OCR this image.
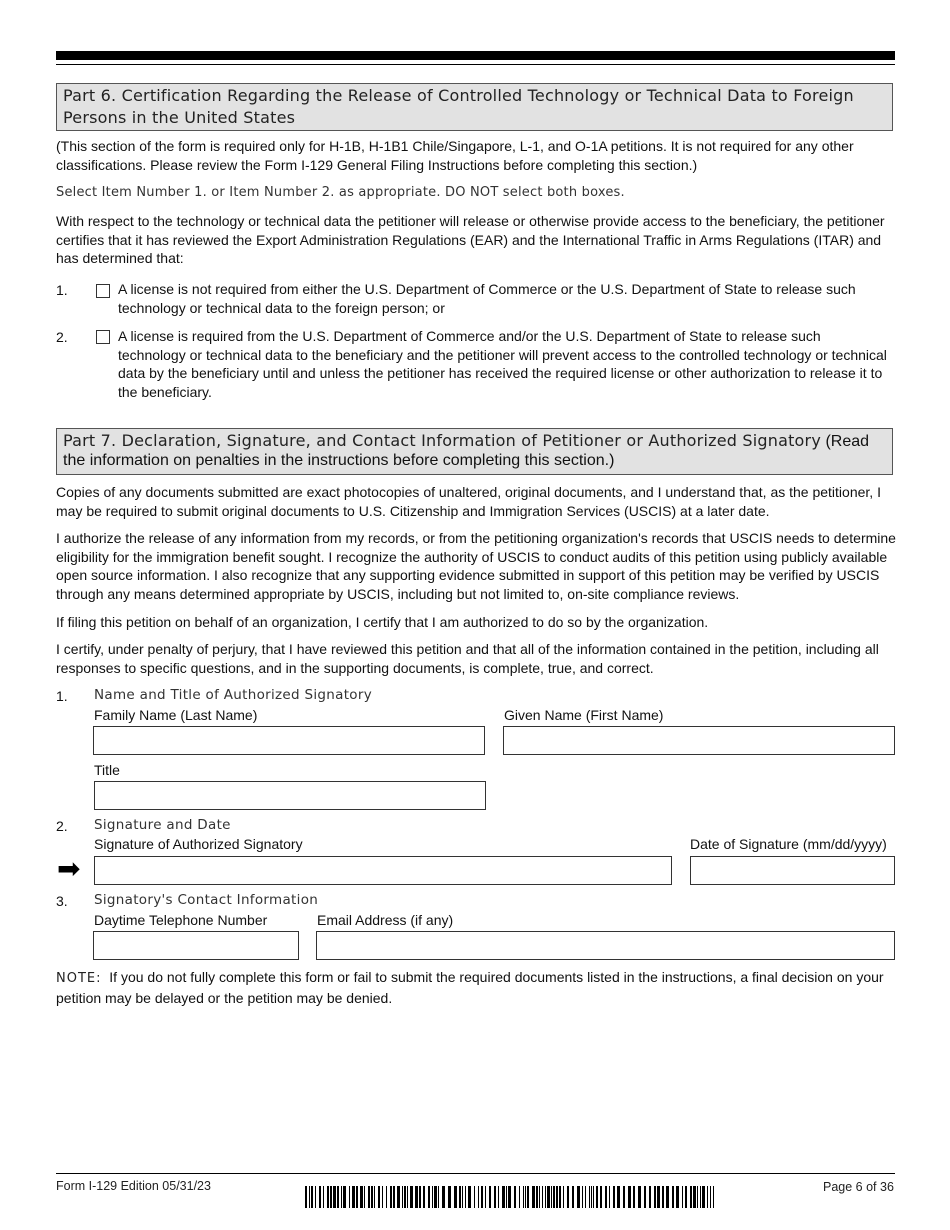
Part 6. Certification Regarding the Release of Controlled Technology or Technical Data to Foreign Persons in the United States
(This section of the form is required only for H-1B, H-1B1 Chile/Singapore, L-1, and O-1A petitions. It is not required for any other classifications. Please review the Form I-129 General Filing Instructions before completing this section.)
Select Item Number 1. or Item Number 2. as appropriate. DO NOT select both boxes.
With respect to the technology or technical data the petitioner will release or otherwise provide access to the beneficiary, the petitioner certifies that it has reviewed the Export Administration Regulations (EAR) and the International Traffic in Arms Regulations (ITAR) and has determined that:
1.	A license is not required from either the U.S. Department of Commerce or the U.S. Department of State to release such technology or technical data to the foreign person; or
2.	A license is required from the U.S. Department of Commerce and/or the U.S. Department of State to release such technology or technical data to the beneficiary and the petitioner will prevent access to the controlled technology or technical data by the beneficiary until and unless the petitioner has received the required license or other authorization to release it to the beneficiary.
Part 7. Declaration, Signature, and Contact Information of Petitioner or Authorized Signatory (Read the information on penalties in the instructions before completing this section.)
Copies of any documents submitted are exact photocopies of unaltered, original documents, and I understand that, as the petitioner, I may be required to submit original documents to U.S. Citizenship and Immigration Services (USCIS) at a later date.
I authorize the release of any information from my records, or from the petitioning organization's records that USCIS needs to determine eligibility for the immigration benefit sought. I recognize the authority of USCIS to conduct audits of this petition using publicly available open source information. I also recognize that any supporting evidence submitted in support of this petition may be verified by USCIS through any means determined appropriate by USCIS, including but not limited to, on-site compliance reviews.
If filing this petition on behalf of an organization, I certify that I am authorized to do so by the organization.
I certify, under penalty of perjury, that I have reviewed this petition and that all of the information contained in the petition, including all responses to specific questions, and in the supporting documents, is complete, true, and correct.
1. Name and Title of Authorized Signatory
Family Name (Last Name)	Given Name (First Name)
Title
2. Signature and Date
Signature of Authorized Signatory	Date of Signature (mm/dd/yyyy)
➡
3. Signatory's Contact Information
Daytime Telephone Number	Email Address (if any)
NOTE:  If you do not fully complete this form or fail to submit the required documents listed in the instructions, a final decision on your petition may be delayed or the petition may be denied.
Form I-129 Edition 05/31/23	Page 6 of 36
